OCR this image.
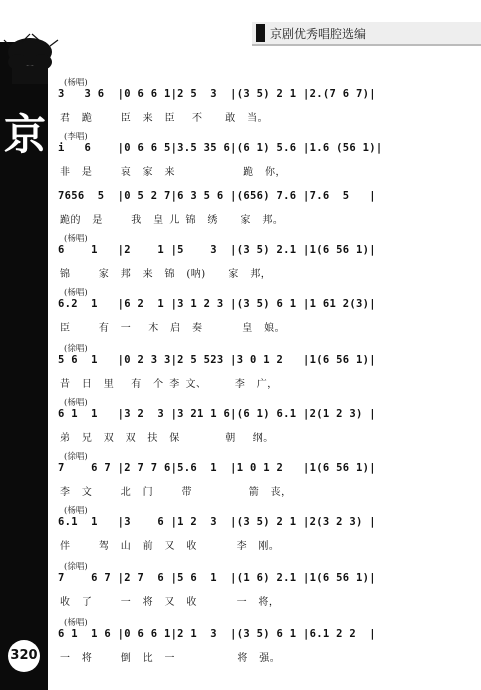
京
京剧优秀唱腔选编
(杨唱)
3   3 6  |0 6 6 1|2 5  3  |(3 5) 2 1 |2.(7 6 7)|
君  跪     臣  来  臣   不    敢  当。
(李唱)
i   6    |0 6 6 5|3.5 35 6|(6 1) 5.6 |1.6 (56 1)|
非  是     哀  家  来            跪  你，
7656  5  |0 5 2 7|6 3 5 6 |(656) 7.6 |7.6  5   |
跪的  是     我  皇 儿 锦  绣    家  邦。
(杨唱)
6    1   |2    1 |5    3  |(3 5) 2.1 |1(6 56 1)|
锦     家  邦  来  锦  (呐)    家  邦，
(杨唱)
6.2  1   |6 2  1 |3 1 2 3 |(3 5) 6 1 |1 61 2(3)|
臣     有  一   木  启  奏       皇  娘。
(徐唱)
5 6  1   |0 2 3 3|2 5 523 |3 0 1 2   |1(6 56 1)|
昔  日  里   有  个 李 文、     李  广，
(杨唱)
6 1  1   |3 2  3 |3 21 1 6|(6 1) 6.1 |2(1 2 3) |
弟  兄  双  双  扶  保        朝   纲。
(徐唱)
7    6 7 |2 7 7 6|5.6  1  |1 0 1 2   |1(6 56 1)|
李  文     北  门     带          箭  丧，
(杨唱)
6.1  1   |3    6 |1 2  3  |(3 5) 2 1 |2(3 2 3) |
伴     驾  山  前  又  收       李  刚。
(徐唱)
7    6 7 |2 7  6 |5 6  1  |(1 6) 2.1 |1(6 56 1)|
收  了     一  将  又  收       一  将，
(杨唱)
6 1  1 6 |0 6 6 1|2 1  3  |(3 5) 6 1 |6.1 2 2  |
一  将     倒  比  一           将  强。
320
